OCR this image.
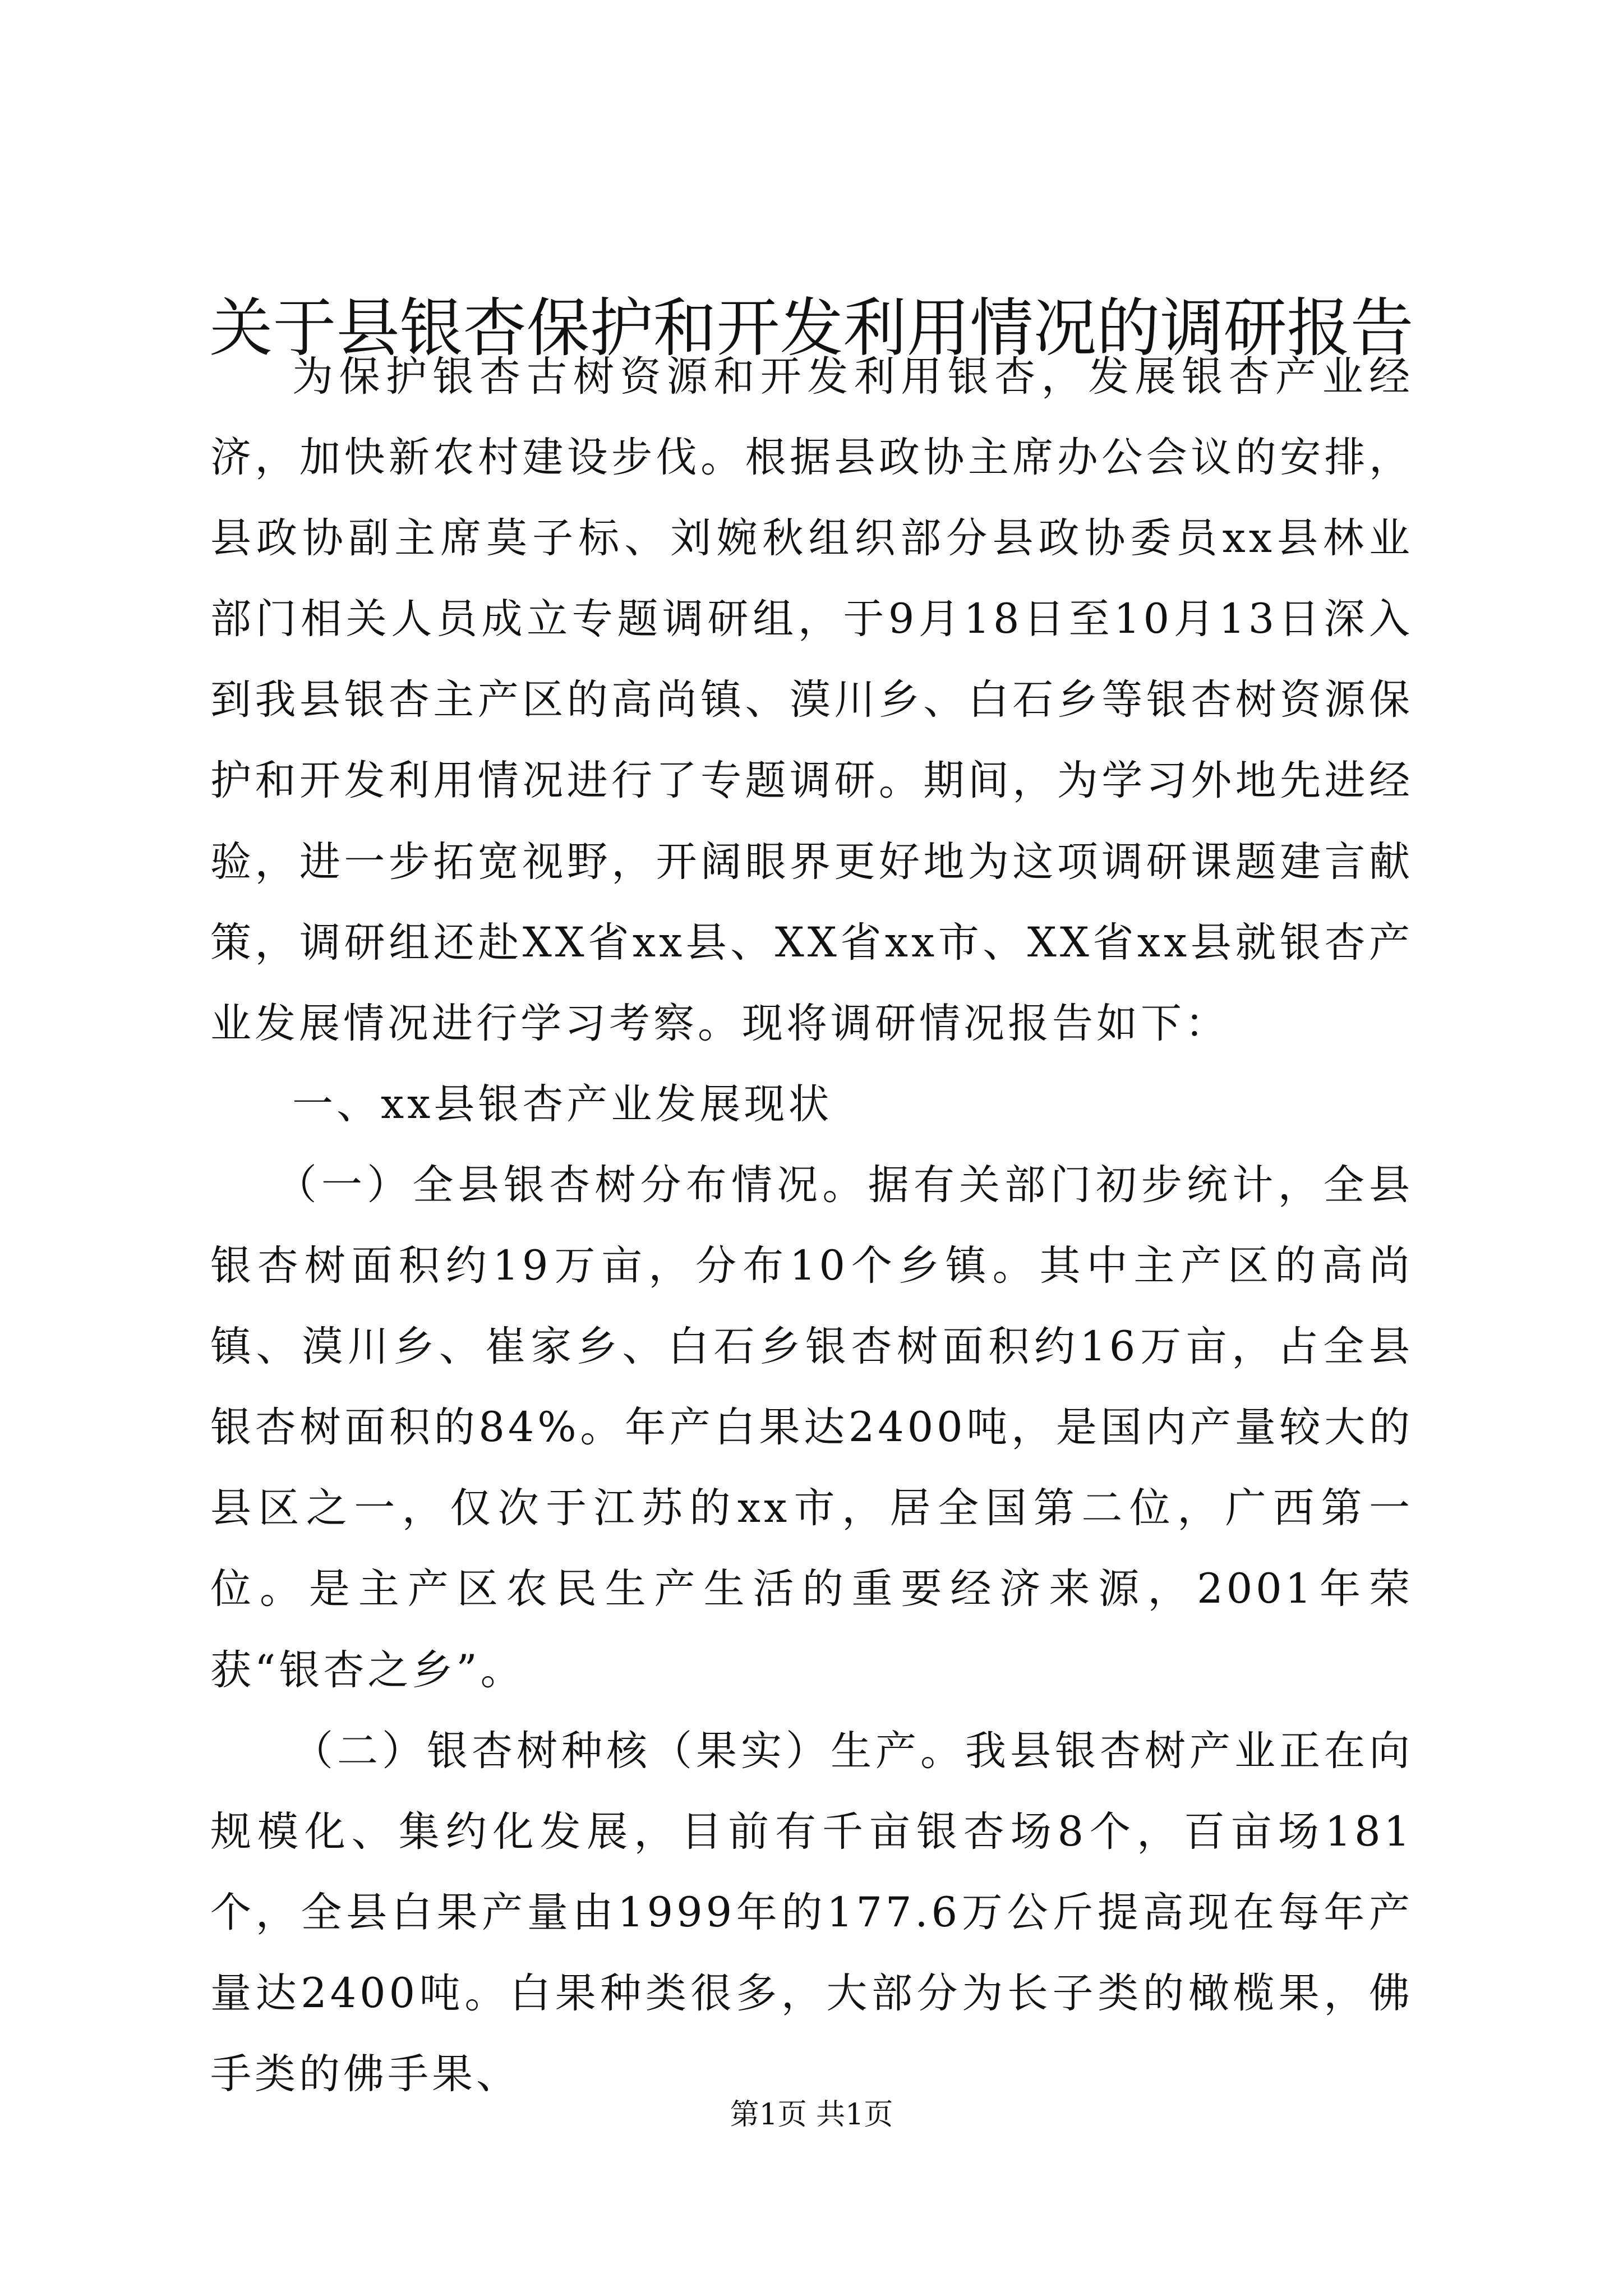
关于县银杏保护和开发利用情况的调研报告

为保护银杏古树资源和开发利用银杏，发展银杏产业经济，加快新农村建设步伐。根据县政协主席办公会议的安排，县政协副主席莫子标、刘婉秋组织部分县政协委员xx县林业部门相关人员成立专题调研组，于9月18日至10月13日深入到我县银杏主产区的高尚镇、漠川乡、白石乡等银杏树资源保护和开发利用情况进行了专题调研。期间，为学习外地先进经验，进一步拓宽视野，开阔眼界更好地为这项调研课题建言献策，调研组还赴XX省xx县、XX省xx市、XX省xx县就银杏产业发展情况进行学习考察。现将调研情况报告如下：

一、xx县银杏产业发展现状

（一）全县银杏树分布情况。据有关部门初步统计，全县银杏树面积约19万亩，分布10个乡镇。其中主产区的高尚镇、漠川乡、崔家乡、白石乡银杏树面积约16万亩，占全县银杏树面积的84%。年产白果达2400吨，是国内产量较大的县区之一，仅次于江苏的xx市，居全国第二位，广西第一位。是主产区农民生产生活的重要经济来源，2001年荣获“银杏之乡”。

（二）银杏树种核（果实）生产。我县银杏树产业正在向规模化、集约化发展，目前有千亩银杏场8个，百亩场181个，全县白果产量由1999年的177.6万公斤提高现在每年产量达2400吨。白果种类很多，大部分为长子类的橄榄果，佛手类的佛手果、

第1页 共1页
